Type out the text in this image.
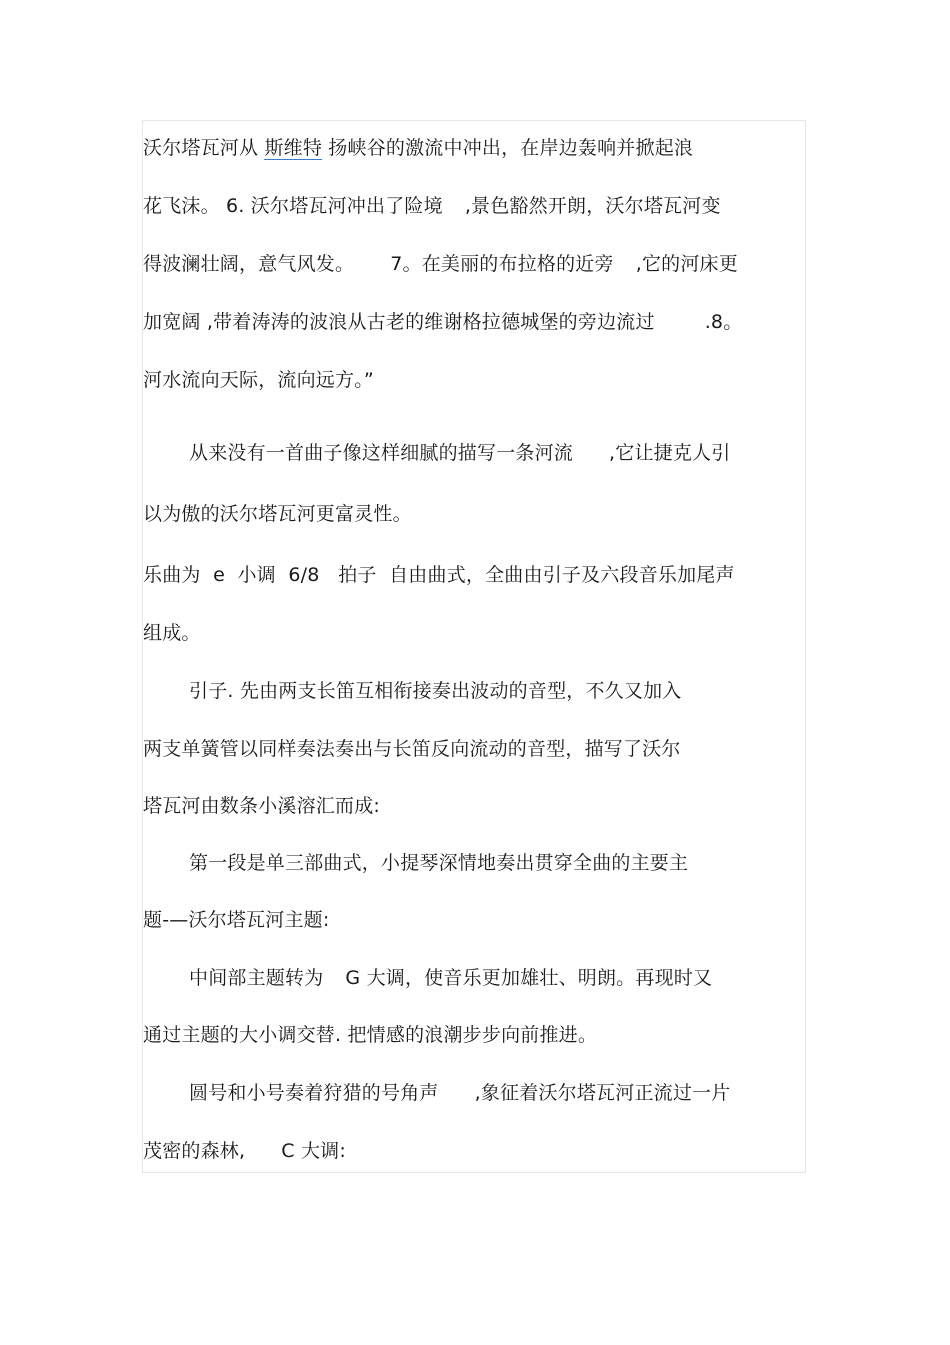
沃尔塔瓦河从 斯维特 扬峡谷的激流中冲出，在岸边轰响并掀起浪
花飞沫。 6. 沃尔塔瓦河冲出了险境 ,景色豁然开朗，沃尔塔瓦河变
得波澜壮阔，意气风发。 7。在美丽的布拉格的近旁 ,它的河床更
加宽阔 ,带着涛涛的波浪从古老的维谢格拉德城堡的旁边流过	.8。
河水流向天际，流向远方。”
从来没有一首曲子像这样细腻的描写一条河流 ,它让捷克人引
以为傲的沃尔塔瓦河更富灵性。
乐曲为  e  小调  6/8   拍子  自由曲式，全曲由引子及六段音乐加尾声
组成。
引子. 先由两支长笛互相衔接奏出波动的音型，不久又加入
两支单簧管以同样奏法奏出与长笛反向流动的音型，描写了沃尔
塔瓦河由数条小溪溶汇而成:
第一段是单三部曲式，小提琴深情地奏出贯穿全曲的主要主
题-—沃尔塔瓦河主题:
中间部主题转为 G 大调，使音乐更加雄壮、明朗。再现时又
通过主题的大小调交替. 把情感的浪潮步步向前推进。
圆号和小号奏着狩猎的号角声 ,象征着沃尔塔瓦河正流过一片
茂密的森林, C 大调:
